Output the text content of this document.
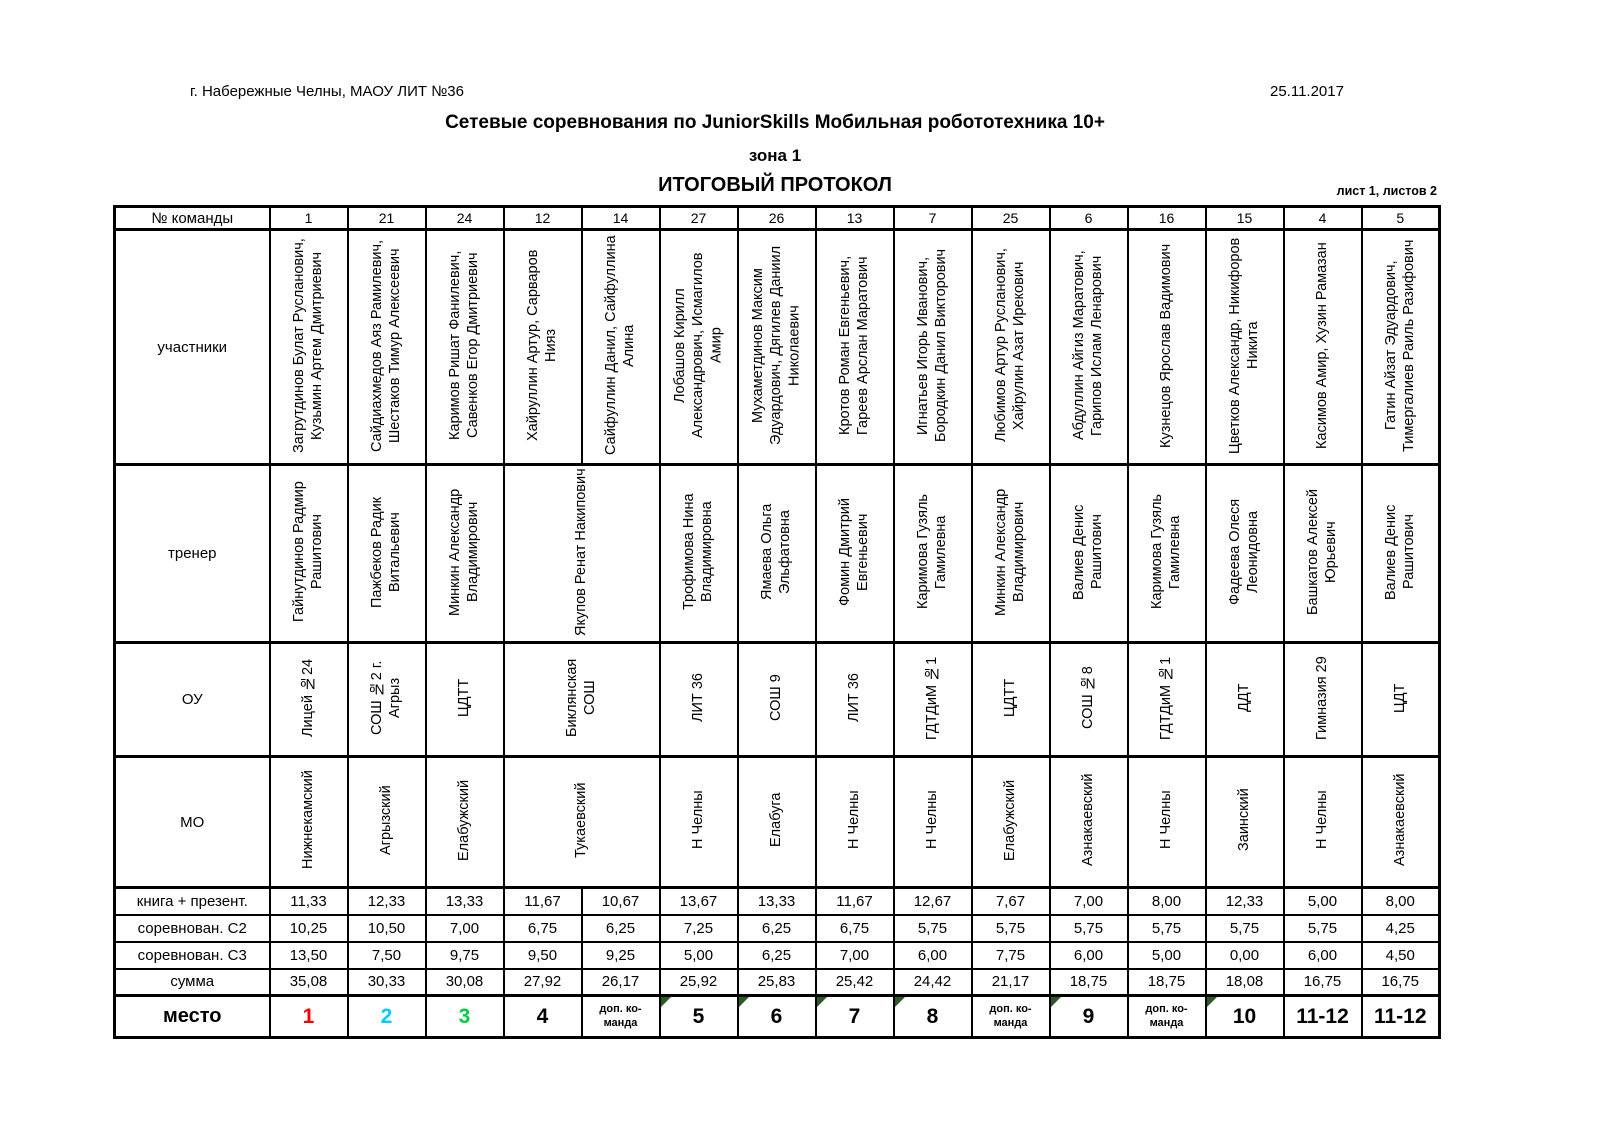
г. Набережные Челны, МАОУ ЛИТ №36	25.11.2017
Сетевые соревнования по JuniorSkills Мобильная робототехника 10+
зона 1
ИТОГОВЫЙ ПРОТОКОЛ	лист 1, листов 2
№ команды	1	21	24	12	14	27	26	13	7	25	6	16	15	4	5
участники	Загрутдинов Булат Русланович, Кузьмин Артем Дмитриевич	Сайдиахмедов Аяз Рамилевич, Шестаков Тимур Алексеевич	Каримов Ришат Фанилевич, Савенков Егор Дмитриевич	Хайруллин Артур, Сарваров Нияз	Сайфуллин Данил, Сайфуллина Алина	Лобашов Кирилл Александрович, Исмагилов Амир	Мухаметдинов Максим Эдуардович, Дягилев Даниил Николаевич	Кротов Роман Евгеньевич, Гареев Арслан Маратович	Игнатьев Игорь Иванович, Бородкин Данил Викторович	Любимов Артур Русланович, Хайрулин Азат Ирекович	Абдуллин Айгиз Маратович, Гарипов Ислам Ленарович	Кузнецов Ярослав Вадимович	Цветков Александр, Никифоров Никита	Касимов Амир, Хузин Рамазан	Гатин Айзат Эдуардович, Тимергалиев Раиль Разифович
тренер	Гайнутдинов Радмир Рашитович	Пажбеков Радик Витальевич	Минкин Александр Владимирович	Якупов Ренат Накипович		Трофимова Нина Владимировна	Ямаева Ольга Эльфатовна	Фомин Дмитрий Евгеньевич	Каримова Гузяль Гамилевна	Минкин Александр Владимирович	Валиев Денис Рашитович	Каримова Гузяль Гамилевна	Фадеева Олеся Леонидовна	Башкатов Алексей Юрьевич	Валиев Денис Рашитович
ОУ	Лицей №24	СОШ №2 г. Агрыз	ЦДТТ	Биклянская СОШ		ЛИТ 36	СОШ 9	ЛИТ 36	ГДТДиМ №1	ЦДТТ	СОШ №8	ГДТДиМ №1	ДДТ	Гимназия 29	ЦДТ
МО	Нижнекамский	Агрызский	Елабужский	Тукаевский		Н Челны	Елабуга	Н Челны	Н Челны	Елабужский	Азнакаевский	Н Челны	Заинский	Н Челны	Азнакаевский
книга + презент.	11,33	12,33	13,33	11,67	10,67	13,67	13,33	11,67	12,67	7,67	7,00	8,00	12,33	5,00	8,00
соревнован. С2	10,25	10,50	7,00	6,75	6,25	7,25	6,25	6,75	5,75	5,75	5,75	5,75	5,75	5,75	4,25
соревнован. С3	13,50	7,50	9,75	9,50	9,25	5,00	6,25	7,00	6,00	7,75	6,00	5,00	0,00	6,00	4,50
сумма	35,08	30,33	30,08	27,92	26,17	25,92	25,83	25,42	24,42	21,17	18,75	18,75	18,08	16,75	16,75
место	1	2	3	4	доп. ко-манда	5	6	7	8	доп. ко-манда	9	доп. ко-манда	10	11-12	11-12
